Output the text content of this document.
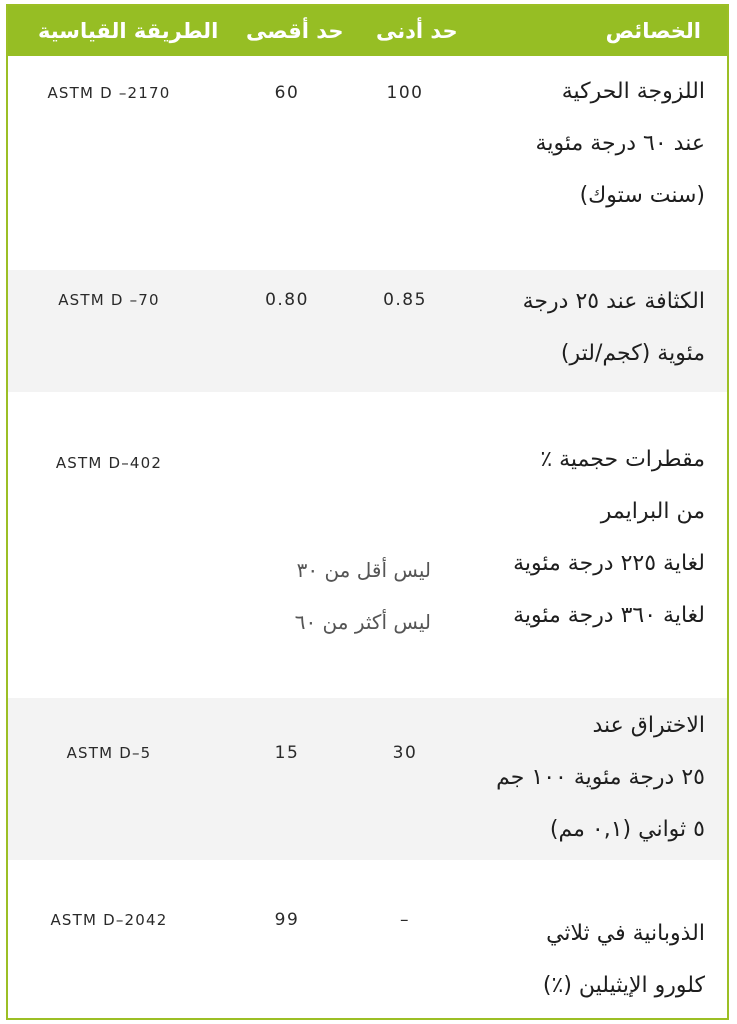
الخصائص
حد أدنى
حد أقصى
الطريقة القياسية
اللزوجة الحركية
عند ٦٠ درجة مئوية
(سنت ستوك)
100
60
ASTM D –2170
الكثافة عند ٢٥ درجة
مئوية (كجم/لتر)
0.85
0.80
ASTM D –70
مقطرات حجمية ٪
من البرايمر
لغاية ٢٢٥ درجة مئوية
لغاية ٣٦٠ درجة مئوية
ليس أقل من ٣٠
ليس أكثر من ٦٠
ASTM D–402
الاختراق عند
٢٥ درجة مئوية ١٠٠ جم
٥ ثواني (٠,١ مم)
30
15
ASTM D–5
الذوبانية في ثلاثي
كلورو الإيثيلين (٪)
–
99
ASTM D–2042
